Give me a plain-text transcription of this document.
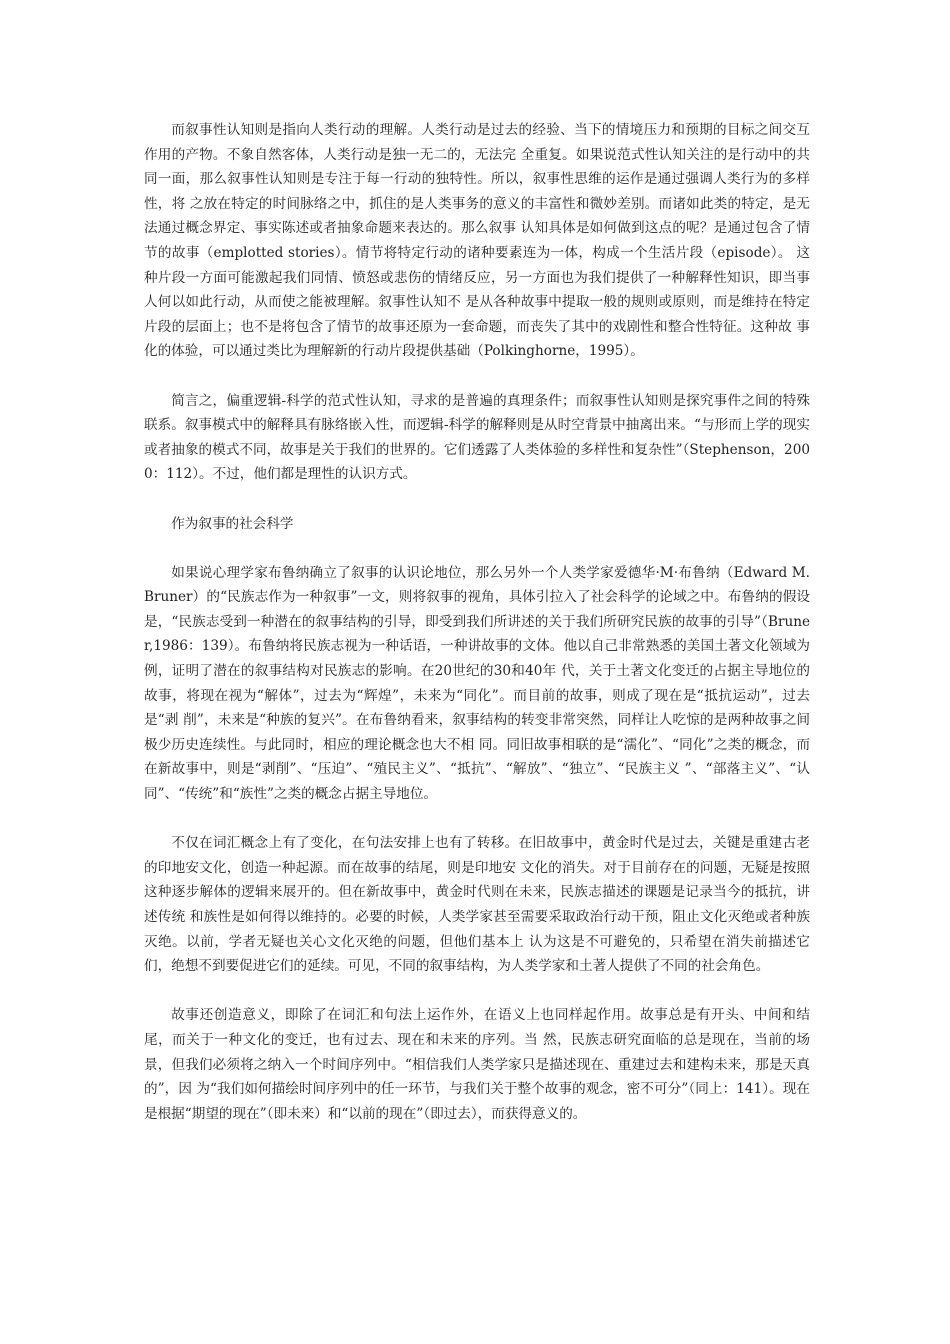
而叙事性认知则是指向人类行动的理解。人类行动是过去的经验、当下的情境压力和预期的目标之间交互作用的产物。不象自然客体，人类行动是独一无二的，无法完 全重复。如果说范式性认知关注的是行动中的共同一面，那么叙事性认知则是专注于每一行动的独特性。所以，叙事性思维的运作是通过强调人类行为的多样性，将 之放在特定的时间脉络之中，抓住的是人类事务的意义的丰富性和微妙差别。而诸如此类的特定，是无法通过概念界定、事实陈述或者抽象命题来表达的。那么叙事 认知具体是如何做到这点的呢？是通过包含了情节的故事（emplotted stories）。情节将特定行动的诸种要素连为一体，构成一个生活片段（episode）。 这种片段一方面可能激起我们同情、愤怒或悲伤的情绪反应，另一方面也为我们提供了一种解释性知识，即当事人何以如此行动，从而使之能被理解。叙事性认知不 是从各种故事中提取一般的规则或原则，而是维持在特定片段的层面上；也不是将包含了情节的故事还原为一套命题，而丧失了其中的戏剧性和整合性特征。这种故 事化的体验，可以通过类比为理解新的行动片段提供基础（Polkinghorne，1995）。

简言之，偏重逻辑-科学的范式性认知，寻求的是普遍的真理条件；而叙事性认知则是探究事件之间的特殊联系。叙事模式中的解释具有脉络嵌入性，而逻辑-科学的解释则是从时空背景中抽离出来。“与形而上学的现实或者抽象的模式不同，故事是关于我们的世界的。它们透露了人类体验的多样性和复杂性”（Stephenson，2000：112）。不过，他们都是理性的认识方式。

作为叙事的社会科学

如果说心理学家布鲁纳确立了叙事的认识论地位，那么另外一个人类学家爱德华·M·布鲁纳（Edward M. Bruner）的“民族志作为一种叙事”一文，则将叙事的视角，具体引拉入了社会科学的论域之中。布鲁纳的假设是，“民族志受到一种潜在的叙事结构的引导，即受到我们所讲述的关于我们所研究民族的故事的引导”（Bruner,1986：139）。布鲁纳将民族志视为一种话语，一种讲故事的文体。他以自己非常熟悉的美国土著文化领域为例，证明了潜在的叙事结构对民族志的影响。在20世纪的30和40年 代，关于土著文化变迁的占据主导地位的故事，将现在视为“解体”，过去为“辉煌”，未来为“同化”。而目前的故事，则成了现在是“抵抗运动”，过去是“剥 削”，未来是“种族的复兴”。在布鲁纳看来，叙事结构的转变非常突然，同样让人吃惊的是两种故事之间极少历史连续性。与此同时，相应的理论概念也大不相 同。同旧故事相联的是“濡化”、“同化”之类的概念，而在新故事中，则是“剥削”、“压迫”、“殖民主义”、“抵抗”、“解放”、“独立”、“民族主义 ”、“部落主义”、“认同”、“传统”和“族性”之类的概念占据主导地位。

不仅在词汇概念上有了变化，在句法安排上也有了转移。在旧故事中，黄金时代是过去，关键是重建古老的印地安文化，创造一种起源。而在故事的结尾，则是印地安 文化的消失。对于目前存在的问题，无疑是按照这种逐步解体的逻辑来展开的。但在新故事中，黄金时代则在未来，民族志描述的课题是记录当今的抵抗，讲述传统 和族性是如何得以维持的。必要的时候，人类学家甚至需要采取政治行动干预，阻止文化灭绝或者种族灭绝。以前，学者无疑也关心文化灭绝的问题，但他们基本上 认为这是不可避免的，只希望在消失前描述它们，绝想不到要促进它们的延续。可见，不同的叙事结构，为人类学家和土著人提供了不同的社会角色。

故事还创造意义，即除了在词汇和句法上运作外，在语义上也同样起作用。故事总是有开头、中间和结尾，而关于一种文化的变迁，也有过去、现在和未来的序列。当 然，民族志研究面临的总是现在，当前的场景，但我们必须将之纳入一个时间序列中。“相信我们人类学家只是描述现在、重建过去和建构未来，那是天真的”，因 为“我们如何描绘时间序列中的任一环节，与我们关于整个故事的观念，密不可分”（同上：141）。现在是根据“期望的现在”（即未来）和“以前的现在”（即过去），而获得意义的。
